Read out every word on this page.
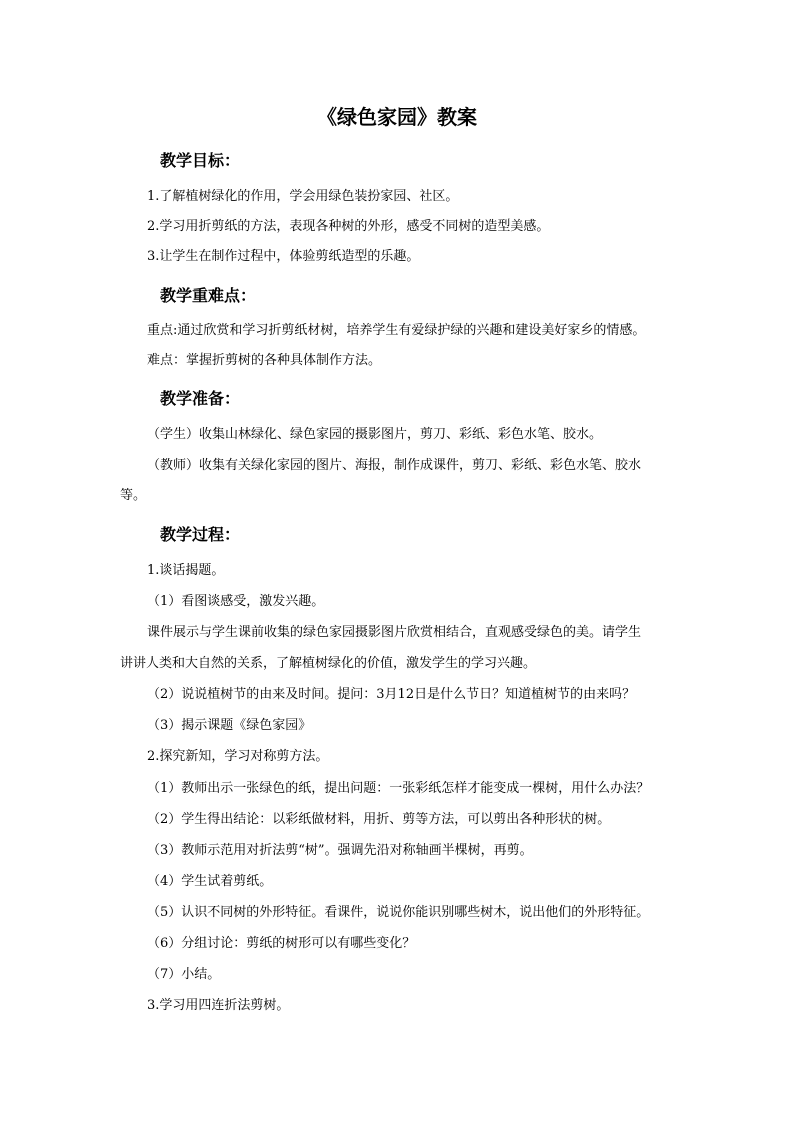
《绿色家园》教案
教学目标：
1.了解植树绿化的作用，学会用绿色装扮家园、社区。
2.学习用折剪纸的方法，表现各种树的外形，感受不同树的造型美感。
3.让学生在制作过程中，体验剪纸造型的乐趣。
教学重难点：
重点:通过欣赏和学习折剪纸材树，培养学生有爱绿护绿的兴趣和建设美好家乡的情感。
难点：掌握折剪树的各种具体制作方法。
教学准备：
（学生）收集山林绿化、绿色家园的摄影图片，剪刀、彩纸、彩色水笔、胶水。
（教师）收集有关绿化家园的图片、海报，制作成课件，剪刀、彩纸、彩色水笔、胶水
等。
教学过程：
1.谈话揭题。
（1）看图谈感受，激发兴趣。
课件展示与学生课前收集的绿色家园摄影图片欣赏相结合，直观感受绿色的美。请学生
讲讲人类和大自然的关系，了解植树绿化的价值，激发学生的学习兴趣。
（2）说说植树节的由来及时间。提问：3月12日是什么节日？知道植树节的由来吗？
（3）揭示课题《绿色家园》
2.探究新知，学习对称剪方法。
（1）教师出示一张绿色的纸，提出问题：一张彩纸怎样才能变成一棵树，用什么办法？
（2）学生得出结论：以彩纸做材料，用折、剪等方法，可以剪出各种形状的树。
（3）教师示范用对折法剪“树”。强调先沿对称轴画半棵树，再剪。
（4）学生试着剪纸。
（5）认识不同树的外形特征。看课件，说说你能识别哪些树木，说出他们的外形特征。
（6）分组讨论：剪纸的树形可以有哪些变化？
（7）小结。
3.学习用四连折法剪树。
